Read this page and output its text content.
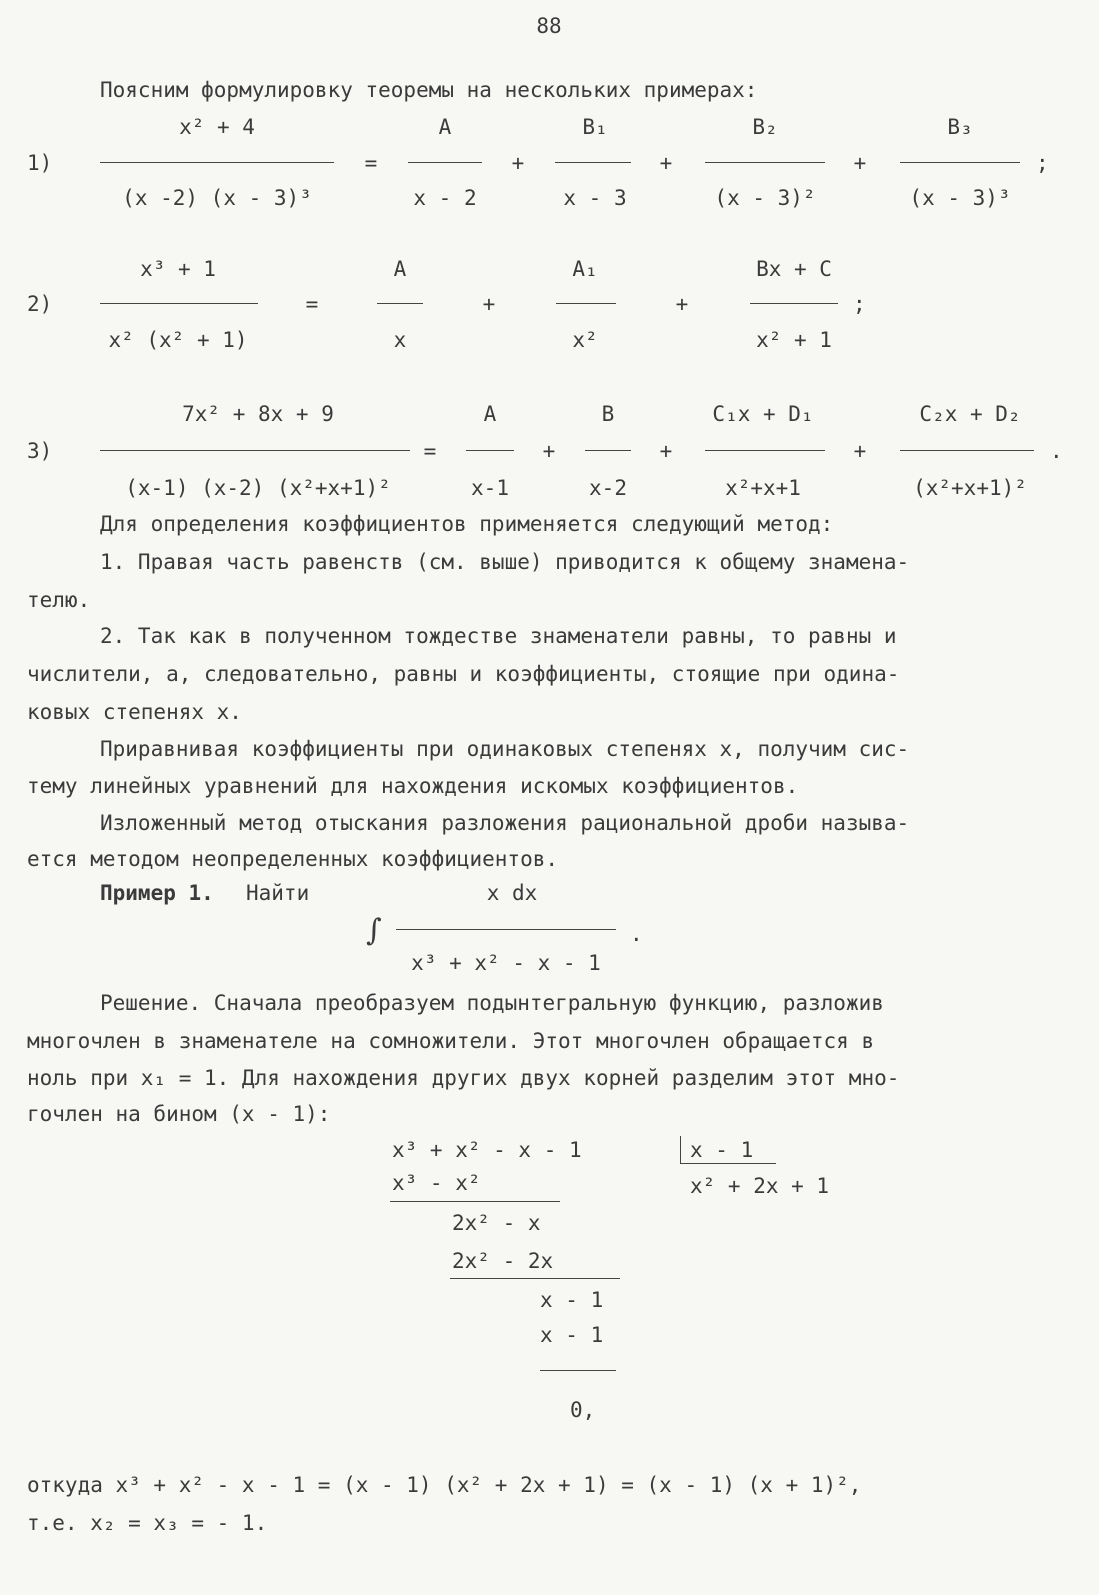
88
Поясним формулировку теоремы на нескольких примерах:
1)
x² + 4
(x -2) (x - 3)³
=
A
x - 2
+
B₁
x - 3
+
B₂
(x - 3)²
+
B₃
(x - 3)³
;
2)
x³ + 1
x² (x² + 1)
=
A
x
+
A₁
x²
+
Bx + C
x² + 1
;
3)
7x² + 8x + 9
(x-1) (x-2) (x²+x+1)²
=
A
x-1
+
B
x-2
+
C₁x + D₁
x²+x+1
+
C₂x + D₂
(x²+x+1)²
.
Для определения коэффициентов применяется следующий метод:
1. Правая часть равенств (см. выше) приводится к общему знамена-
телю.
2. Так как в полученном тождестве знаменатели равны, то равны и
числители, а, следовательно, равны и коэффициенты, стоящие при одина-
ковых степенях x.
Приравнивая коэффициенты при одинаковых степенях x, получим сис-
тему линейных уравнений для нахождения искомых коэффициентов.
Изложенный метод отыскания разложения рациональной дроби называ-
ется методом неопределенных коэффициентов.
Пример 1. Найти	x dx
∫
x³ + x² - x - 1
.
Решение. Сначала преобразуем подынтегральную функцию, разложив
многочлен в знаменателе на сомножители. Этот многочлен обращается в
ноль при x₁ = 1. Для нахождения других двух корней разделим этот мно-
гочлен на бином (x - 1):
x³ + x² - x - 1	x - 1
x² + 2x + 1
x³ - x²
2x² - x
2x² - 2x
x - 1
x - 1
0,
откуда x³ + x² - x - 1 = (x - 1) (x² + 2x + 1) = (x - 1) (x + 1)²,
т.е. x₂ = x₃ = - 1.
